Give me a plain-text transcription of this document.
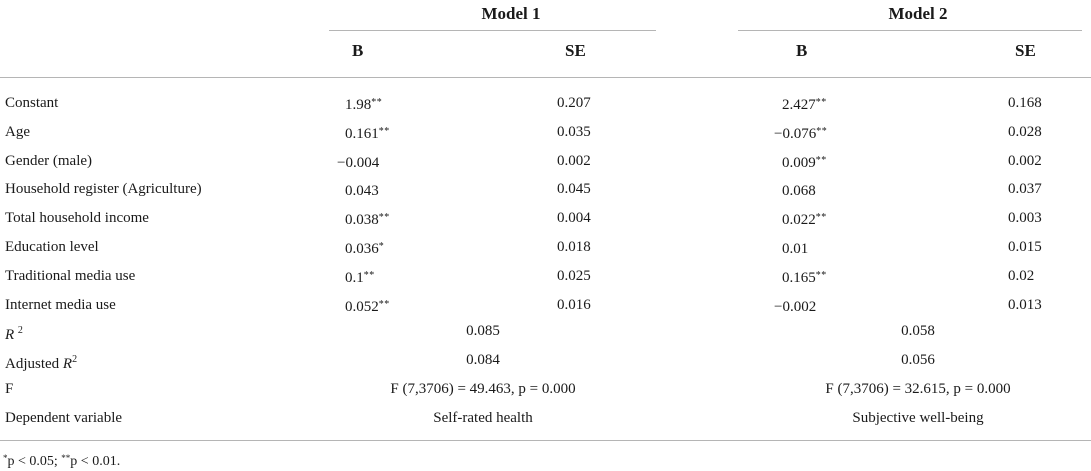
Model 1	Model 2
B	SE	B	SE
Constant	1.98**	0.207	2.427**	0.168
Age	0.161**	0.035	−0.076**	0.028
Gender (male)	−0.004	0.002	0.009**	0.002
Household register (Agriculture)	0.043	0.045	0.068	0.037
Total household income	0.038**	0.004	0.022**	0.003
Education level	0.036*	0.018	0.01	0.015
Traditional media use	0.1**	0.025	0.165**	0.02
Internet media use	0.052**	0.016	−0.002	0.013
R $^2$	0.085	0.058
Adjusted $R^2$	0.084	0.056
F	F (7,3706) = 49.463, p = 0.000	F (7,3706) = 32.615, p = 0.000
Dependent variable	Self-rated health	Subjective well-being
*p < 0.05; **p < 0.01.
